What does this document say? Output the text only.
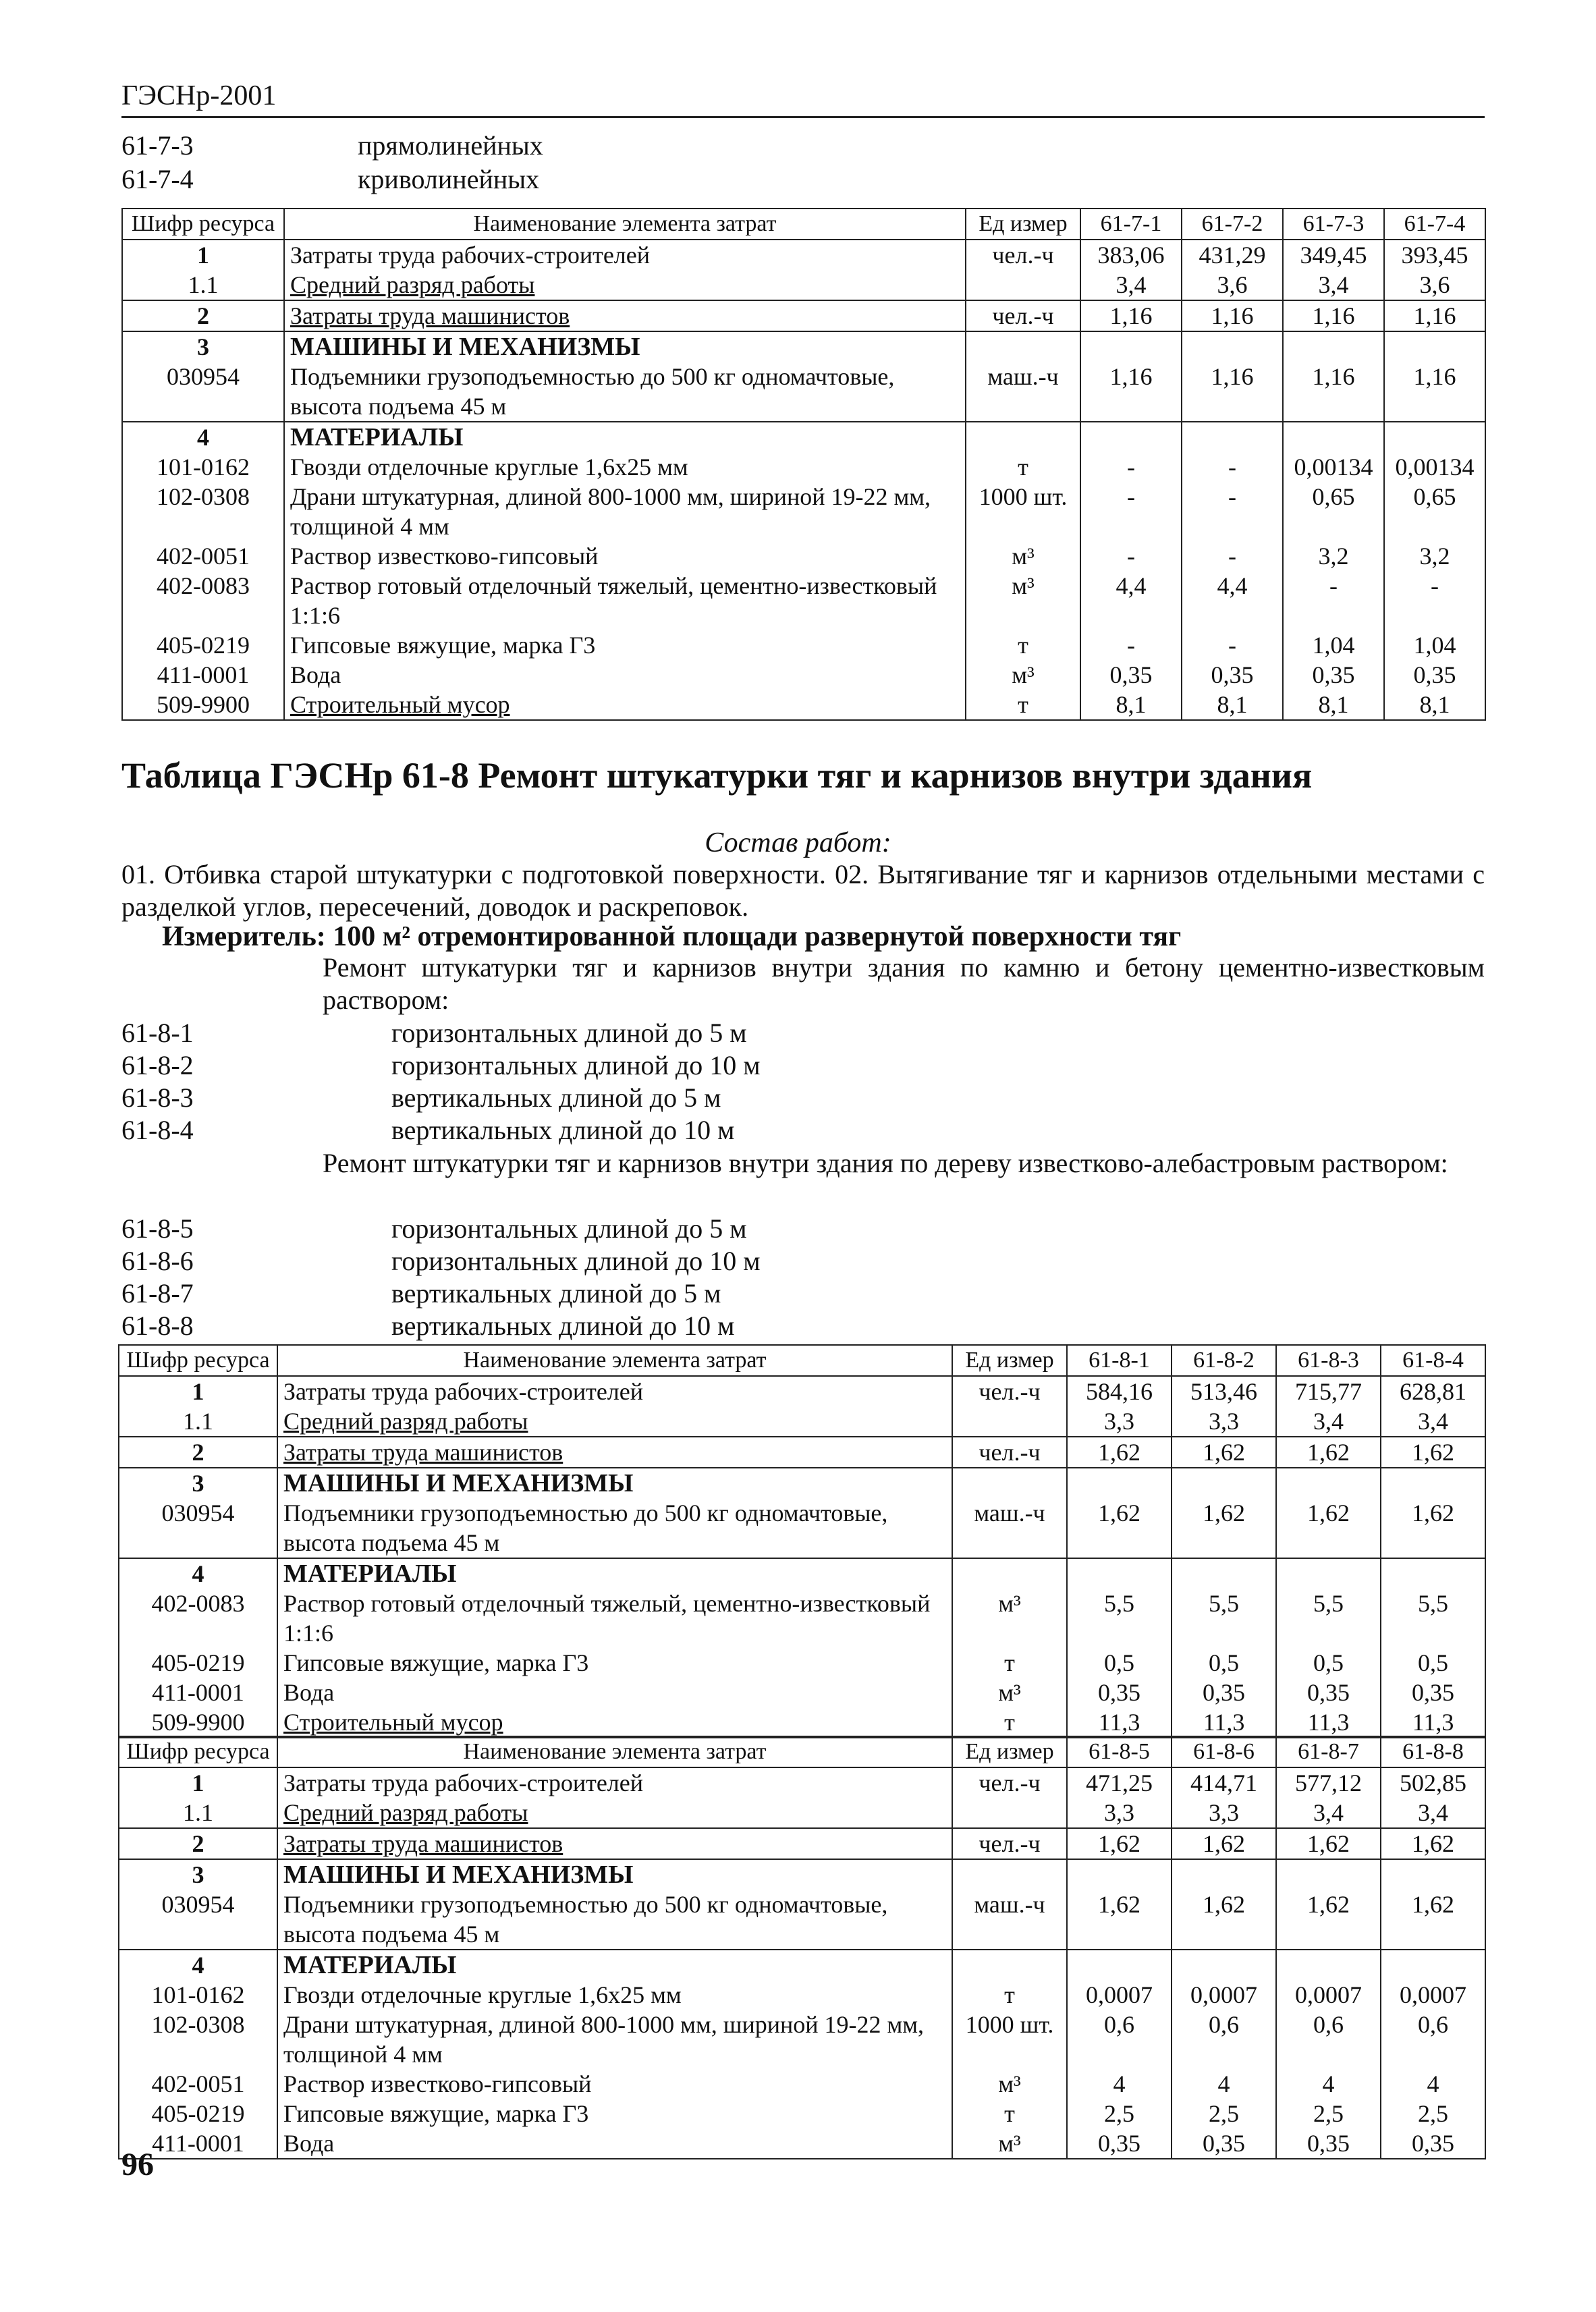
ГЭСНр-2001
61-7-3	прямолинейных
61-7-4	криволинейных
Шифр ресурса	Наименование элемента затрат	Ед измер	61-7-1	61-7-2	61-7-3	61-7-4
1	Затраты труда рабочих-строителей	чел.-ч	383,06	431,29	349,45	393,45
1.1	Средний разряд работы		3,4	3,6	3,4	3,6
2	Затраты труда машинистов	чел.-ч	1,16	1,16	1,16	1,16
3	МАШИНЫ И МЕХАНИЗМЫ					
030954	Подъемники грузоподъемностью до 500 кг одномачтовые, высота подъема 45 м	маш.-ч	1,16	1,16	1,16	1,16
4	МАТЕРИАЛЫ					
101-0162	Гвозди отделочные круглые 1,6х25 мм	т	-	-	0,00134	0,00134
102-0308	Драни штукатурная, длиной 800-1000 мм, шириной 19-22 мм, толщиной 4 мм	1000 шт.	-	-	0,65	0,65
402-0051	Раствор известково-гипсовый	м³	-	-	3,2	3,2
402-0083	Раствор готовый отделочный тяжелый, цементно-известковый 1:1:6	м³	4,4	4,4	-	-
405-0219	Гипсовые вяжущие, марка Г3	т	-	-	1,04	1,04
411-0001	Вода	м³	0,35	0,35	0,35	0,35
509-9900	Строительный мусор	т	8,1	8,1	8,1	8,1
Таблица ГЭСНр 61-8 Ремонт штукатурки тяг и карнизов внутри здания
Состав работ:
01. Отбивка старой штукатурки с подготовкой поверхности. 02. Вытягивание тяг и карнизов отдельными местами с разделкой углов, пересечений, доводок и раскреповок.
Измеритель: 100 м² отремонтированной площади развернутой поверхности тяг
Ремонт штукатурки тяг и карнизов внутри здания по камню и бетону цементно-известковым раствором:
61-8-1	горизонтальных длиной до 5 м
61-8-2	горизонтальных длиной до 10 м
61-8-3	вертикальных длиной до 5 м
61-8-4	вертикальных длиной до 10 м
Ремонт штукатурки тяг и карнизов внутри здания по дереву известково-алебастровым раствором:
61-8-5	горизонтальных длиной до 5 м
61-8-6	горизонтальных длиной до 10 м
61-8-7	вертикальных длиной до 5 м
61-8-8	вертикальных длиной до 10 м
Шифр ресурса	Наименование элемента затрат	Ед измер	61-8-1	61-8-2	61-8-3	61-8-4
1	Затраты труда рабочих-строителей	чел.-ч	584,16	513,46	715,77	628,81
1.1	Средний разряд работы		3,3	3,3	3,4	3,4
2	Затраты труда машинистов	чел.-ч	1,62	1,62	1,62	1,62
3	МАШИНЫ И МЕХАНИЗМЫ					
030954	Подъемники грузоподъемностью до 500 кг одномачтовые, высота подъема 45 м	маш.-ч	1,62	1,62	1,62	1,62
4	МАТЕРИАЛЫ					
402-0083	Раствор готовый отделочный тяжелый, цементно-известковый 1:1:6	м³	5,5	5,5	5,5	5,5
405-0219	Гипсовые вяжущие, марка Г3	т	0,5	0,5	0,5	0,5
411-0001	Вода	м³	0,35	0,35	0,35	0,35
509-9900	Строительный мусор	т	11,3	11,3	11,3	11,3
Шифр ресурса	Наименование элемента затрат	Ед измер	61-8-5	61-8-6	61-8-7	61-8-8
1	Затраты труда рабочих-строителей	чел.-ч	471,25	414,71	577,12	502,85
1.1	Средний разряд работы		3,3	3,3	3,4	3,4
2	Затраты труда машинистов	чел.-ч	1,62	1,62	1,62	1,62
3	МАШИНЫ И МЕХАНИЗМЫ					
030954	Подъемники грузоподъемностью до 500 кг одномачтовые, высота подъема 45 м	маш.-ч	1,62	1,62	1,62	1,62
4	МАТЕРИАЛЫ					
101-0162	Гвозди отделочные круглые 1,6х25 мм	т	0,0007	0,0007	0,0007	0,0007
102-0308	Драни штукатурная, длиной 800-1000 мм, шириной 19-22 мм, толщиной 4 мм	1000 шт.	0,6	0,6	0,6	0,6
402-0051	Раствор известково-гипсовый	м³	4	4	4	4
405-0219	Гипсовые вяжущие, марка Г3	т	2,5	2,5	2,5	2,5
411-0001	Вода	м³	0,35	0,35	0,35	0,35
96
